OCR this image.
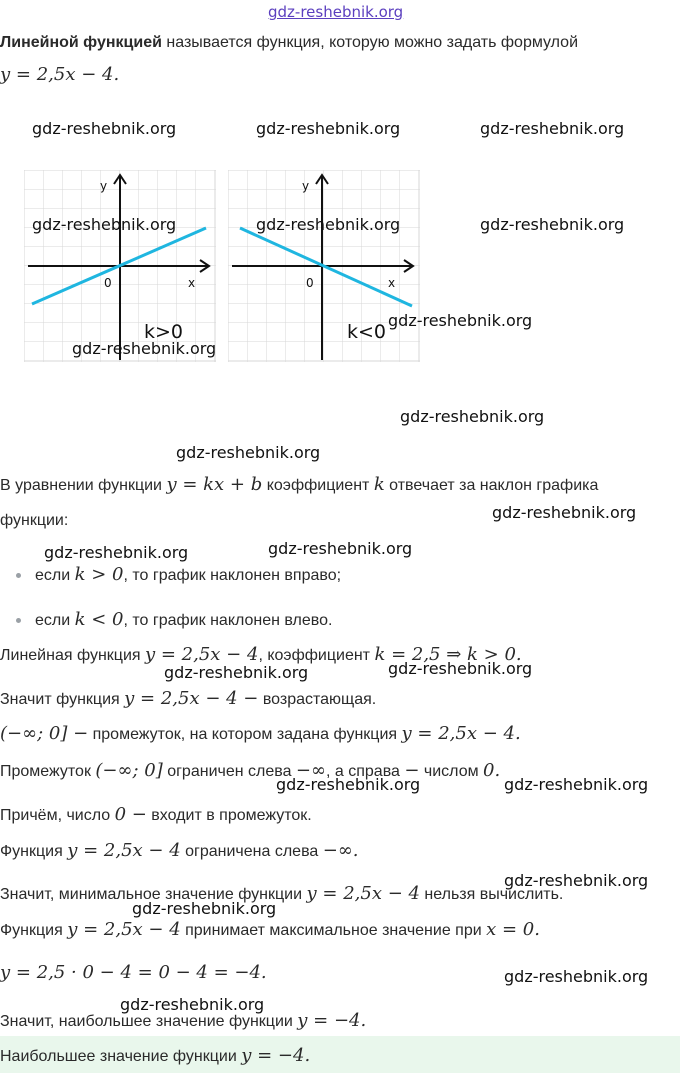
gdz-reshebnik.org
Линейной функцией называется функция, которую можно задать формулой
y = 2,5x − 4.
gdz-reshebnik.org	gdz-reshebnik.org	gdz-reshebnik.org
y
x
0
k>0
y
x
0
k<0
gdz-reshebnik.org	gdz-reshebnik.org	gdz-reshebnik.org
gdz-reshebnik.org
gdz-reshebnik.org
gdz-reshebnik.org
gdz-reshebnik.org
В уравнении функции y = kx + b коэффициент k отвечает за наклон графика
функции:	gdz-reshebnik.org
gdz-reshebnik.org	gdz-reshebnik.org
если k > 0, то график наклонен вправо;
если k < 0, то график наклонен влево.
Линейная функция y = 2,5x − 4, коэффициент k = 2,5 ⇒ k > 0.
gdz-reshebnik.org	gdz-reshebnik.org
Значит функция y = 2,5x − 4 − возрастающая.
(−∞; 0] − промежуток, на котором задана функция y = 2,5x − 4.
Промежуток (−∞; 0] ограничен слева −∞, а справа − числом 0.
gdz-reshebnik.org	gdz-reshebnik.org
Причём, число 0 − входит в промежуток.
Функция y = 2,5x − 4 ограничена слева −∞.
Значит, минимальное значение функции y = 2,5x − 4 нельзя вычислить.
gdz-reshebnik.org
gdz-reshebnik.org
Функция y = 2,5x − 4 принимает максимальное значение при x = 0.
y = 2,5 · 0 − 4 = 0 − 4 = −4.	gdz-reshebnik.org
gdz-reshebnik.org
Значит, наибольшее значение функции y = −4.
Наибольшее значение функции y = −4.
